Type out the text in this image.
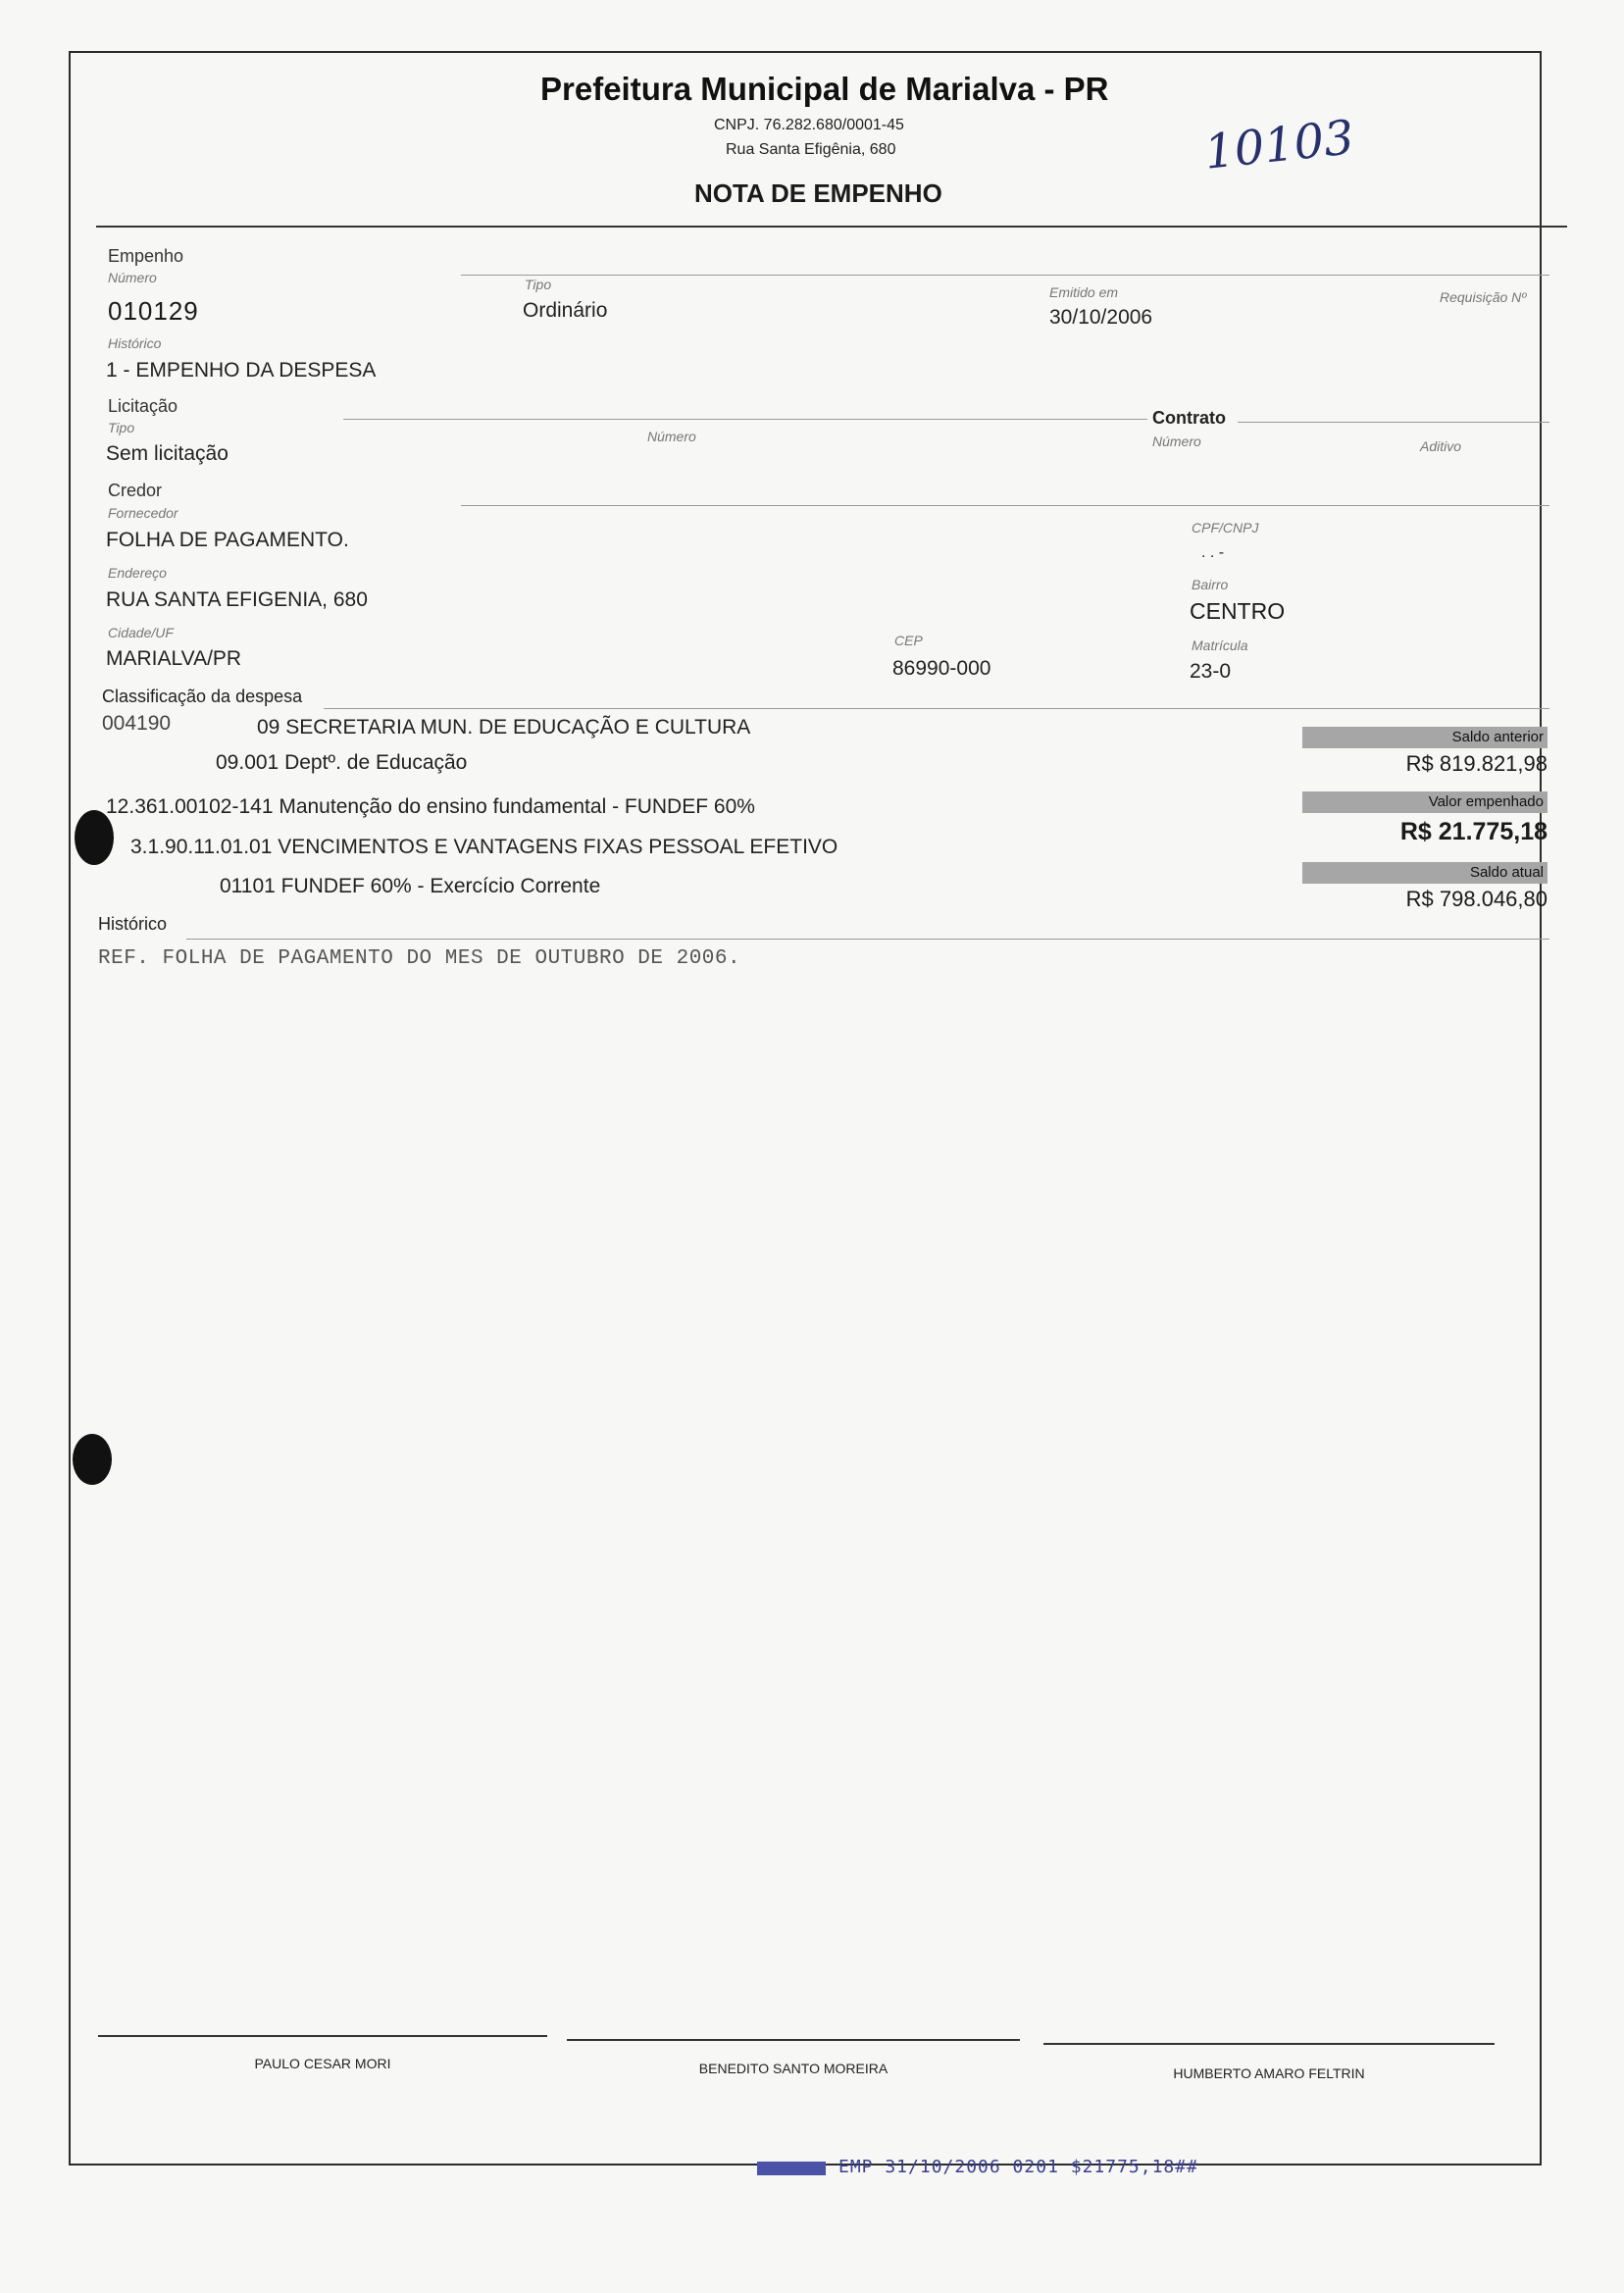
Prefeitura Municipal de Marialva - PR
CNPJ. 76.282.680/0001-45
Rua Santa Efigênia, 680
NOTA DE EMPENHO
10103
Empenho
Número
010129
Tipo
Ordinário
Emitido em
30/10/2006
Requisição Nº
Histórico
1 - EMPENHO DA DESPESA
Licitação
Tipo
Sem licitação
Número
Contrato
Número	Aditivo
Credor
Fornecedor
FOLHA DE PAGAMENTO.
CPF/CNPJ
. . -
Endereço
RUA SANTA EFIGENIA, 680
Bairro
CENTRO
Cidade/UF
MARIALVA/PR
CEP
86990-000
Matrícula
23-0
Classificação da despesa
004190	09 SECRETARIA MUN. DE EDUCAÇÃO E CULTURA
09.001 Deptº. de Educação
12.361.00102-141 Manutenção do ensino fundamental - FUNDEF 60%
3.1.90.11.01.01 VENCIMENTOS E VANTAGENS FIXAS PESSOAL EFETIVO
01101 FUNDEF 60% - Exercício Corrente
Saldo anterior
R$ 819.821,98
Valor empenhado
R$ 21.775,18
Saldo atual
R$ 798.046,80
Histórico
REF. FOLHA DE PAGAMENTO DO MES DE OUTUBRO DE 2006.
PAULO CESAR MORI	BENEDITO SANTO MOREIRA	HUMBERTO AMARO FELTRIN
EMP 31/10/2006 0201 $21775,18##
